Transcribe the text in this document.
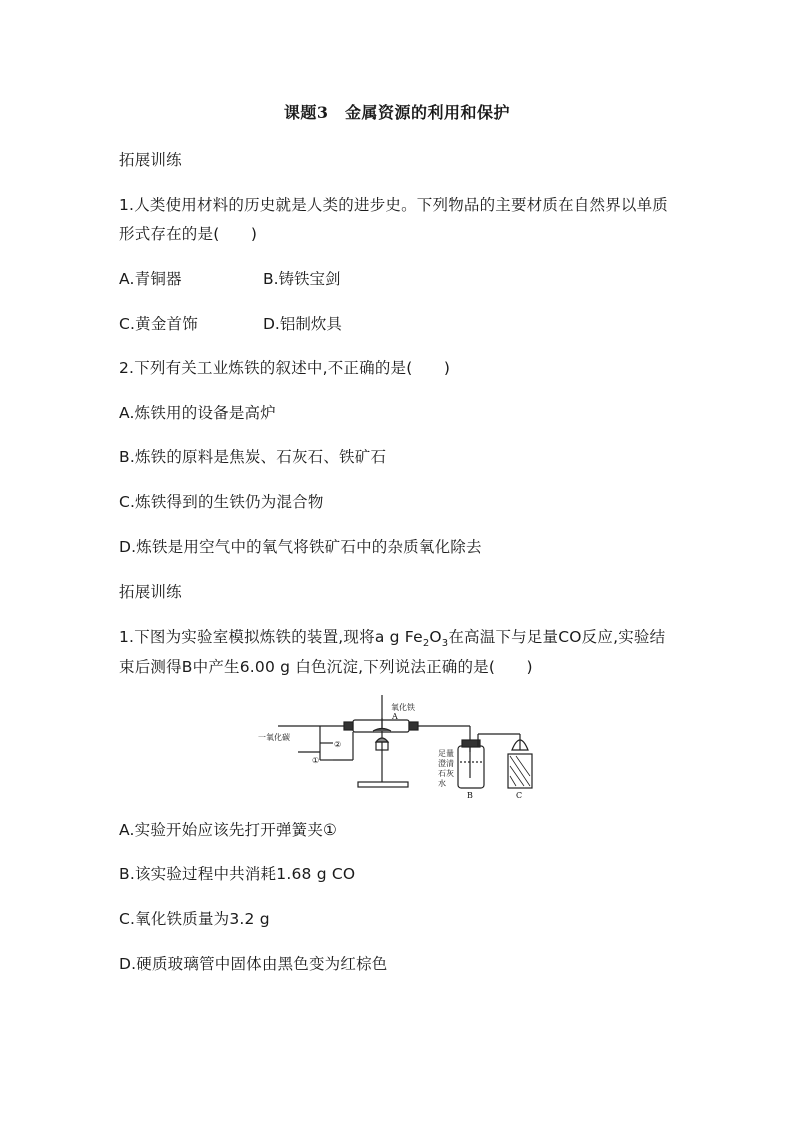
课题3　金属资源的利用和保护
拓展训练
1.人类使用材料的历史就是人类的进步史。下列物品的主要材质在自然界以单质
形式存在的是(　　)
A.青铜器	B.铸铁宝剑
C.黄金首饰	D.铝制炊具
2.下列有关工业炼铁的叙述中,不正确的是(　　)
A.炼铁用的设备是高炉
B.炼铁的原料是焦炭、石灰石、铁矿石
C.炼铁得到的生铁仍为混合物
D.炼铁是用空气中的氧气将铁矿石中的杂质氧化除去
拓展训练
1.下图为实验室模拟炼铁的装置,现将a g $Fe_2O_3$在高温下与足量CO反应,实验结
束后测得B中产生6.00 g 白色沉淀,下列说法正确的是(　　)
一氧化碳
氧化铁
A
②
①
足量
澄清
石灰
水
B	C
A.实验开始应该先打开弹簧夹①
B.该实验过程中共消耗1.68 g CO
C.氧化铁质量为3.2 g
D.硬质玻璃管中固体由黑色变为红棕色
